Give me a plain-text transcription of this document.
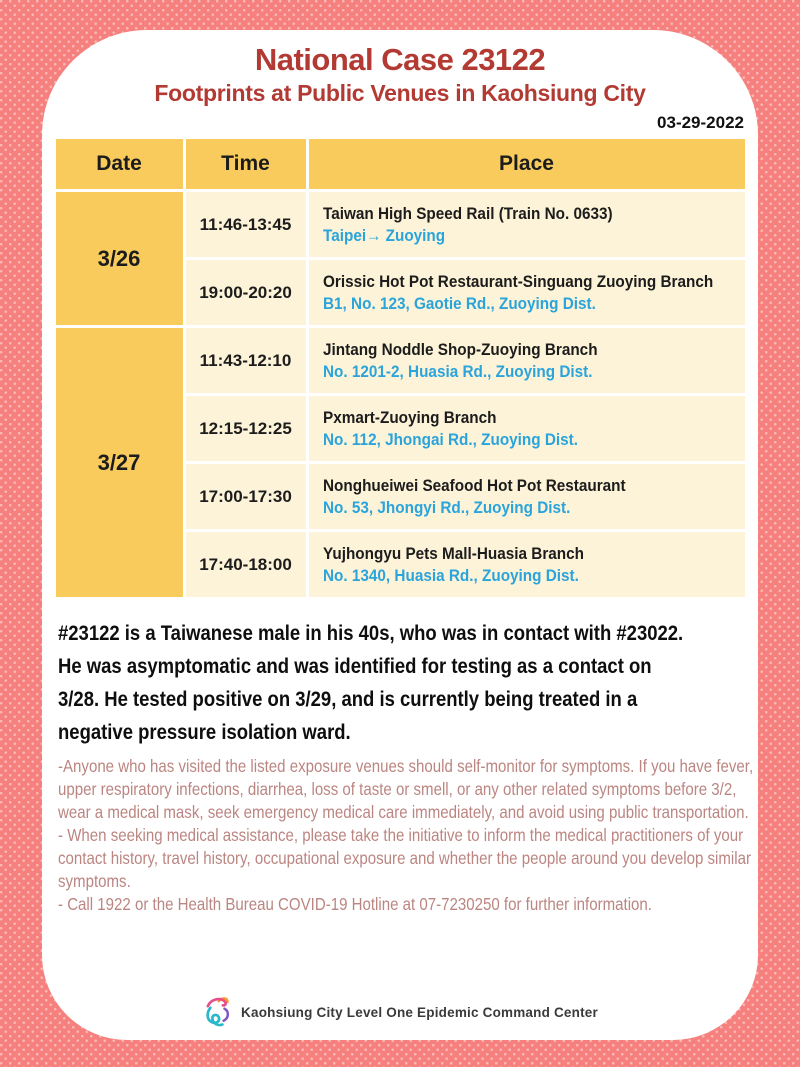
National Case 23122
Footprints at Public Venues in Kaohsiung City
03-29-2022
Date	Time	Place
3/26
3/27
11:46-13:45
Taiwan High Speed Rail (Train No. 0633)
Taipei→ Zuoying
19:00-20:20
Orissic Hot Pot Restaurant-Singuang Zuoying Branch
B1, No. 123, Gaotie Rd., Zuoying Dist.
11:43-12:10
Jintang Noddle Shop-Zuoying Branch
No. 1201-2, Huasia Rd., Zuoying Dist.
12:15-12:25
Pxmart-Zuoying Branch
No. 112, Jhongai Rd., Zuoying Dist.
17:00-17:30
Nonghueiwei Seafood Hot Pot Restaurant
No. 53, Jhongyi Rd., Zuoying Dist.
17:40-18:00
Yujhongyu Pets Mall-Huasia Branch
No. 1340, Huasia Rd., Zuoying Dist.
#23122 is a Taiwanese male in his 40s, who was in contact with #23022.
He was asymptomatic and was identified for testing as a contact on
3/28. He tested positive on 3/29, and is currently being treated in a
negative pressure isolation ward.

-Anyone who has visited the listed exposure venues should self-monitor for symptoms. If you have fever, upper respiratory infections, diarrhea, loss of taste or smell, or any other related symptoms before 3/2, wear a medical mask, seek emergency medical care immediately, and avoid using public transportation.

- When seeking medical assistance, please take the initiative to inform the medical practitioners of your contact history, travel history, occupational exposure and whether the people around you develop similar symptoms.

- Call 1922 or the Health Bureau COVID-19 Hotline at 07-7230250 for further information.

Kaohsiung City Level One Epidemic Command Center
